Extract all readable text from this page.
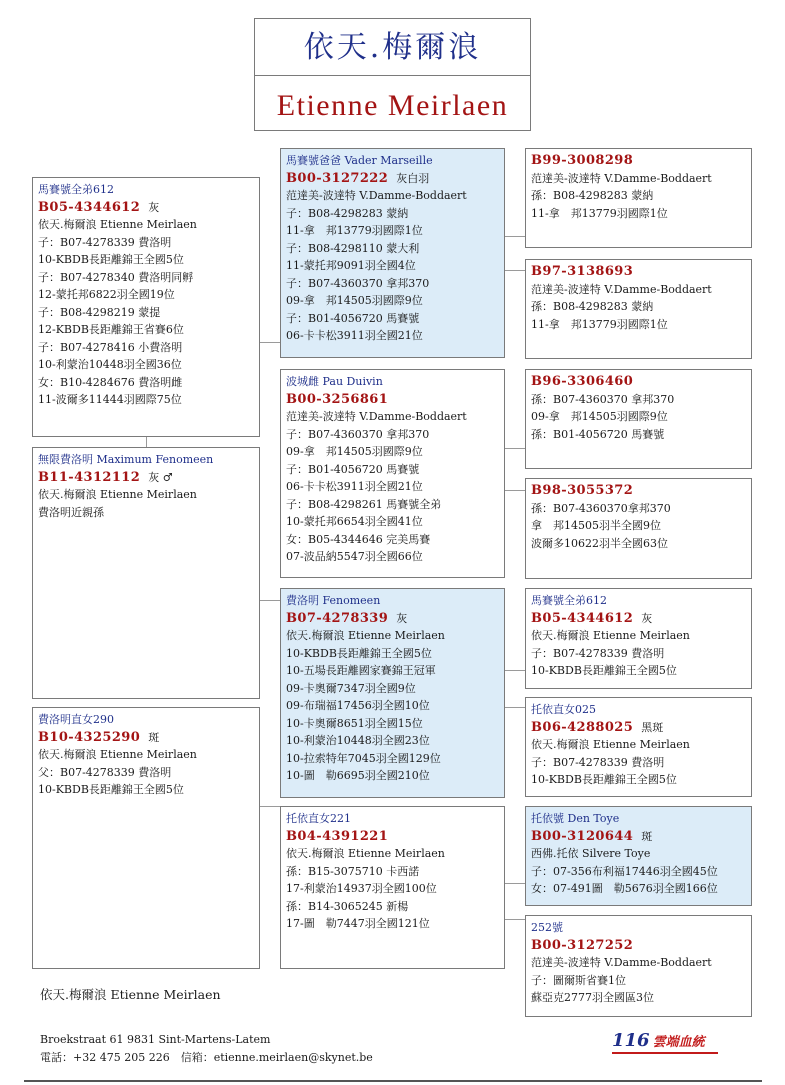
依天.梅爾浪
Etienne Meirlaen
馬賽號全弟612
B05-4344612 灰
依天.梅爾浪 Etienne Meirlaen
子：B07-4278339 費洛明
10-KBDB長距離錦王全國5位
子：B07-4278340 費洛明同孵
12-蒙托邦6822羽全國19位
子：B08-4298219 蒙提
12-KBDB長距離錦王省賽6位
子：B07-4278416 小費洛明
10-利蒙治10448羽全國36位
女：B10-4284676 費洛明雌
11-波爾多11444羽國際75位
無限費洛明 Maximum Fenomeen
B11-4312112 灰 ♂
依天.梅爾浪 Etienne Meirlaen
費洛明近親孫
費洛明直女290
B10-4325290 斑
依天.梅爾浪 Etienne Meirlaen
父：B07-4278339 費洛明
10-KBDB長距離錦王全國5位
依天.梅爾浪 Etienne Meirlaen
馬賽號爸爸 Vader Marseille
B00-3127222 灰白羽
范達美-波達特 V.Damme-Boddaert
子：B08-4298283 蒙納
11-拿　邦13779羽國際1位
子：B08-4298110 蒙大利
11-蒙托邦9091羽全國4位
子：B07-4360370 拿邦370
09-拿　邦14505羽國際9位
子：B01-4056720 馬賽號
06-卡卡松3911羽全國21位
波城雌 Pau Duivin
B00-3256861
范達美-波達特 V.Damme-Boddaert
子：B07-4360370 拿邦370
09-拿　邦14505羽國際9位
子：B01-4056720 馬賽號
06-卡卡松3911羽全國21位
子：B08-4298261 馬賽號全弟
10-蒙托邦6654羽全國41位
女：B05-4344646 完美馬賽
07-波品納5547羽全國66位
費洛明 Fenomeen
B07-4278339 灰
依天.梅爾浪 Etienne Meirlaen
10-KBDB長距離錦王全國5位
10-五場長距離國家賽錦王冠軍
09-卡奧爾7347羽全國9位
09-布瑞福17456羽全國10位
10-卡奧爾8651羽全國15位
10-利蒙治10448羽全國23位
10-拉索特年7045羽全國129位
10-圖　勒6695羽全國210位
托依直女221
B04-4391221
依天.梅爾浪 Etienne Meirlaen
孫：B15-3075710 卡西諾
17-利蒙治14937羽全國100位
孫：B14-3065245 新楊
17-圖　勒7447羽全國121位
B99-3008298
范達美-波達特 V.Damme-Boddaert
孫：B08-4298283 蒙納
11-拿　邦13779羽國際1位
B97-3138693
范達美-波達特 V.Damme-Boddaert
孫：B08-4298283 蒙納
11-拿　邦13779羽國際1位
B96-3306460
孫：B07-4360370 拿邦370
09-拿　邦14505羽國際9位
孫：B01-4056720 馬賽號
B98-3055372
孫：B07-4360370拿邦370
拿　邦14505羽半全國9位
波爾多10622羽半全國63位
馬賽號全弟612
B05-4344612 灰
依天.梅爾浪 Etienne Meirlaen
子：B07-4278339 費洛明
10-KBDB長距離錦王全國5位
托依直女025
B06-4288025 黑斑
依天.梅爾浪 Etienne Meirlaen
子：B07-4278339 費洛明
10-KBDB長距離錦王全國5位
托依號 Den Toye
B00-3120644 斑
西佛.托依 Silvere Toye
子：07-356布利福17446羽全國45位
女：07-491圖　勒5676羽全國166位
252號
B00-3127252
范達美-波達特 V.Damme-Boddaert
子：圖爾斯省賽1位
蘇亞克2777羽全國區3位
Broekstraat 61 9831 Sint-Martens-Latem
電話：+32 475 205 226　信箱：etienne.meirlaen@skynet.be
116 雲端血統
